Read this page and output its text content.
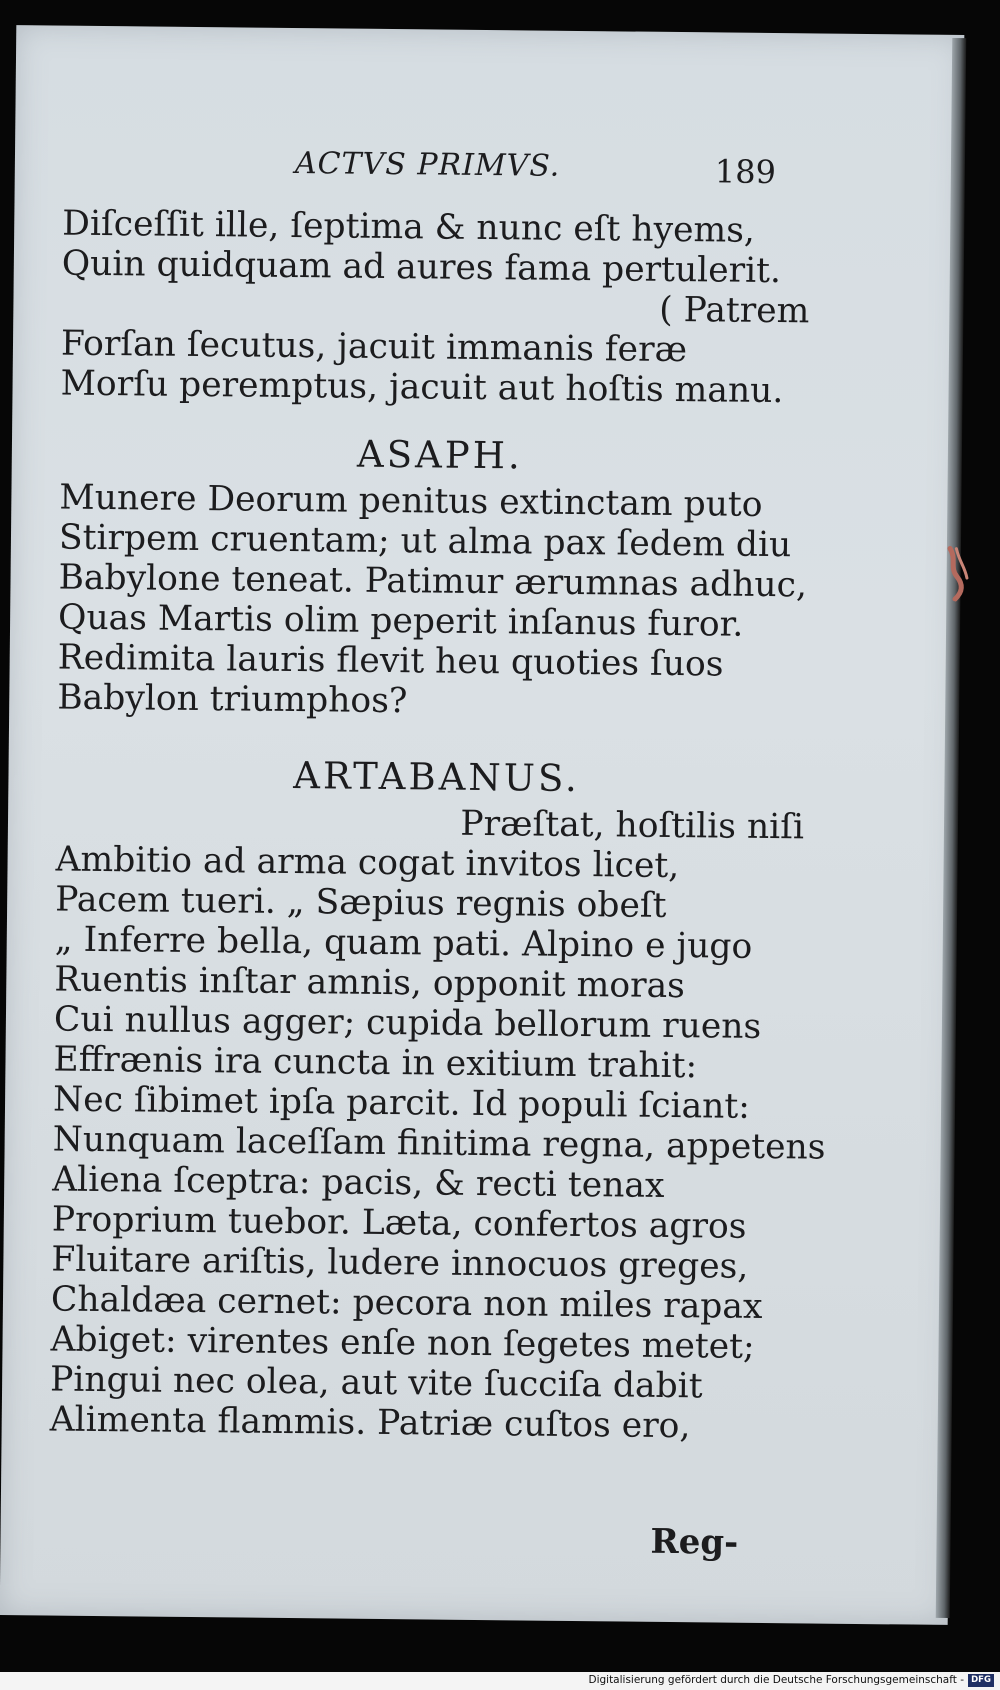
ACTVS PRIMVS.	189
Diſceſſit ille, ſeptima & nunc eſt hyems,
Quin quidquam ad aures fama pertulerit.
( Patrem
Forſan ſecutus, jacuit immanis feræ
Morſu peremptus, jacuit aut hoſtis manu.
ASAPH.
Munere Deorum penitus extinctam puto
Stirpem cruentam; ut alma pax ſedem diu
Babylone teneat. Patimur ærumnas adhuc,
Quas Martis olim peperit inſanus furor.
Redimita lauris flevit heu quoties ſuos
Babylon triumphos?
ARTABANUS.
Præſtat, hoſtilis niſi
Ambitio ad arma cogat invitos licet,
Pacem tueri. „ Sæpius regnis obeſt
„ Inferre bella, quam pati. Alpino e jugo
Ruentis inſtar amnis, opponit moras
Cui nullus agger; cupida bellorum ruens
Effrænis ira cuncta in exitium trahit:
Nec ſibimet ipſa parcit. Id populi ſciant:
Nunquam laceſſam finitima regna, appetens
Aliena ſceptra: pacis, & recti tenax
Proprium tuebor. Læta, confertos agros
Fluitare ariſtis, ludere innocuos greges,
Chaldæa cernet: pecora non miles rapax
Abiget: virentes enſe non ſegetes metet;
Pingui nec olea, aut vite ſucciſa dabit
Alimenta flammis. Patriæ cuſtos ero,
Reg-
Digitalisierung gefördert durch die Deutsche Forschungsgemeinschaft - DFG
